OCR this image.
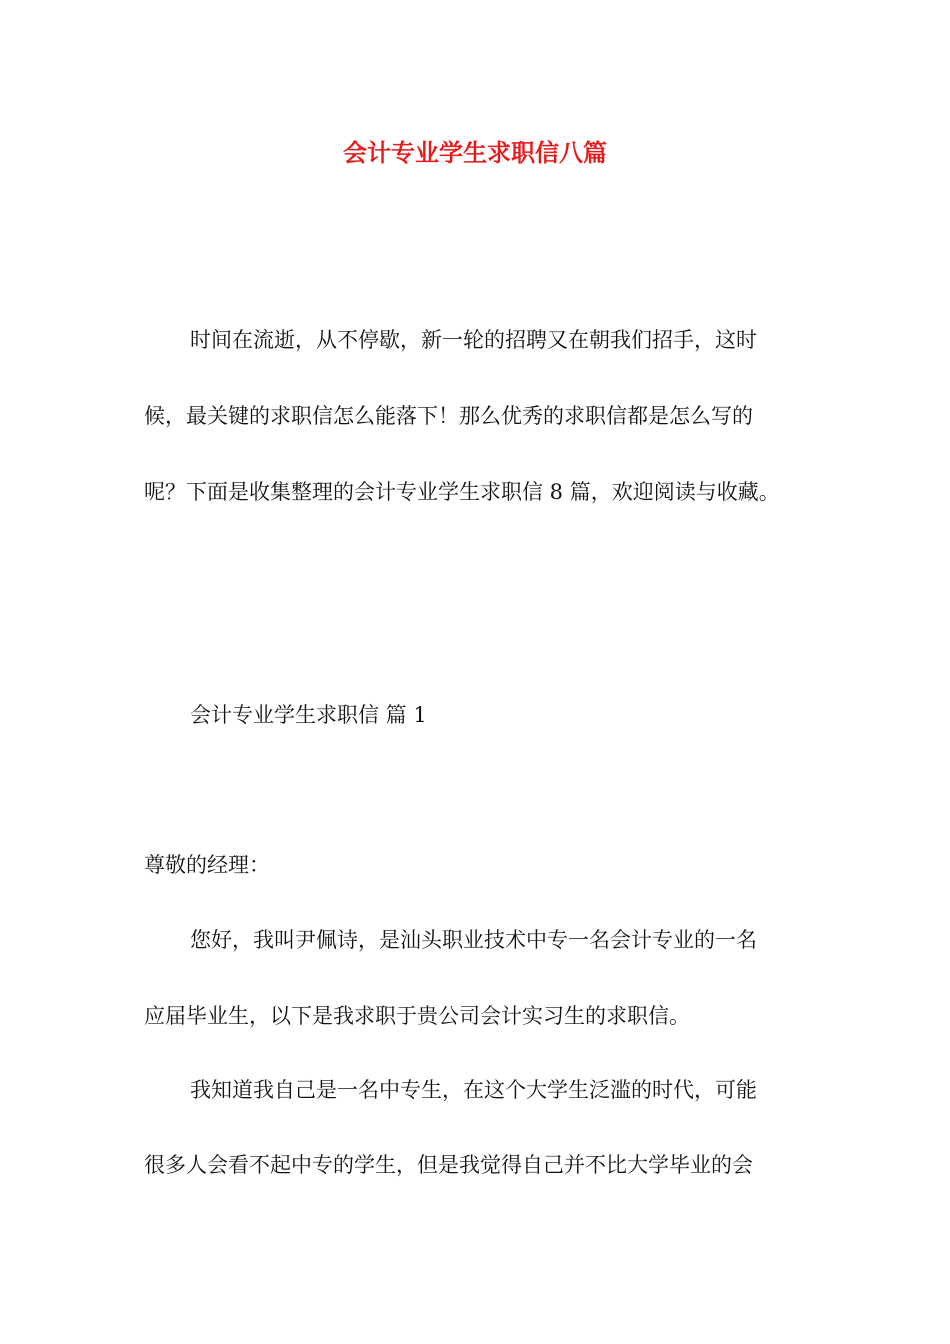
会计专业学生求职信八篇
时间在流逝，从不停歇，新一轮的招聘又在朝我们招手，这时
候，最关键的求职信怎么能落下！那么优秀的求职信都是怎么写的
呢？下面是收集整理的会计专业学生求职信 8 篇，欢迎阅读与收藏。
会计专业学生求职信 篇 1
尊敬的经理：
您好，我叫尹佩诗，是汕头职业技术中专一名会计专业的一名
应届毕业生，以下是我求职于贵公司会计实习生的求职信。
我知道我自己是一名中专生，在这个大学生泛滥的时代，可能
很多人会看不起中专的学生，但是我觉得自己并不比大学毕业的会
